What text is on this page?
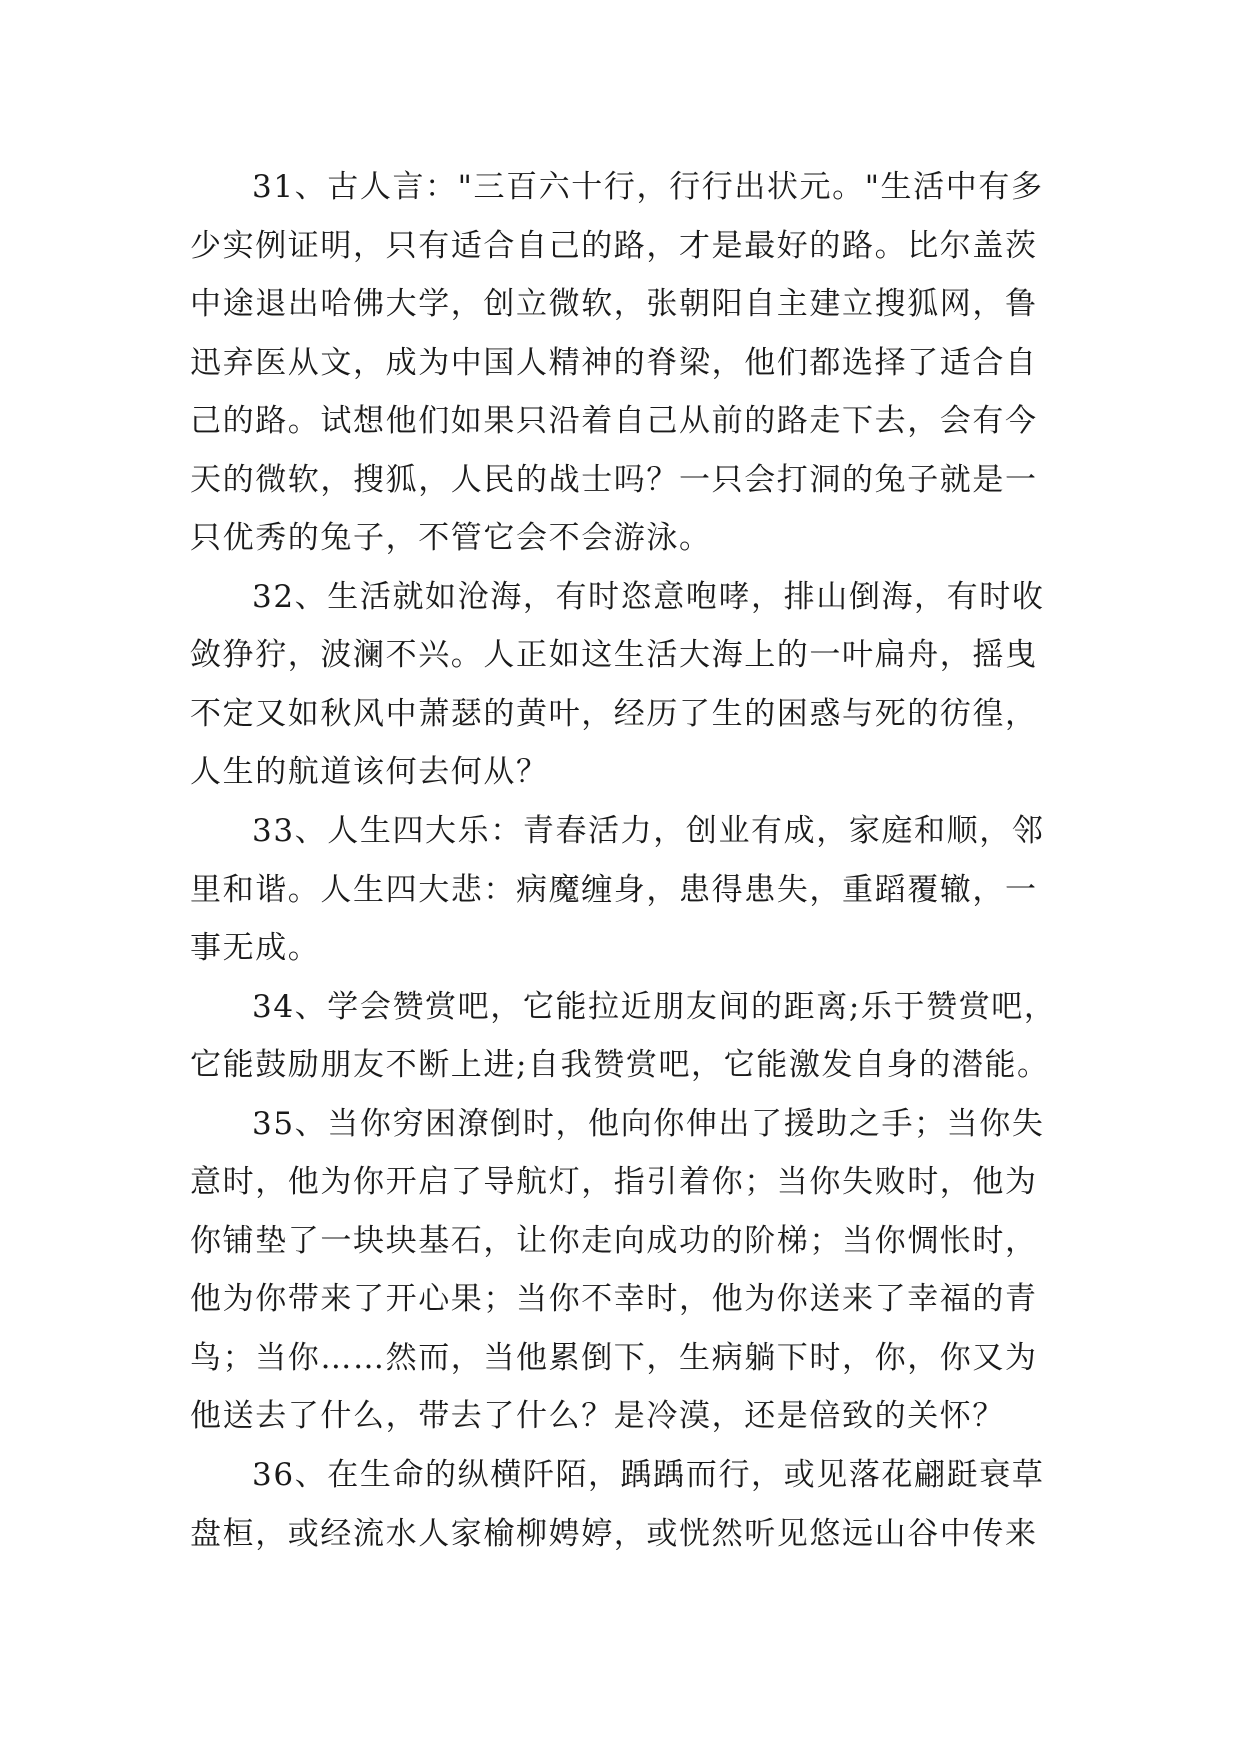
31、古人言："三百六十行，行行出状元。"生活中有多
少实例证明，只有适合自己的路，才是最好的路。比尔盖茨
中途退出哈佛大学，创立微软，张朝阳自主建立搜狐网，鲁
迅弃医从文，成为中国人精神的脊梁，他们都选择了适合自
己的路。试想他们如果只沿着自己从前的路走下去，会有今
天的微软，搜狐，人民的战士吗？一只会打洞的兔子就是一
只优秀的兔子，不管它会不会游泳。
32、生活就如沧海，有时恣意咆哮，排山倒海，有时收
敛狰狞，波澜不兴。人正如这生活大海上的一叶扁舟，摇曳
不定又如秋风中萧瑟的黄叶，经历了生的困惑与死的彷徨，
人生的航道该何去何从？
33、人生四大乐：青春活力，创业有成，家庭和顺，邻
里和谐。人生四大悲：病魔缠身，患得患失，重蹈覆辙，一
事无成。
34、学会赞赏吧，它能拉近朋友间的距离;乐于赞赏吧，
它能鼓励朋友不断上进;自我赞赏吧，它能激发自身的潜能。
35、当你穷困潦倒时，他向你伸出了援助之手；当你失
意时，他为你开启了导航灯，指引着你；当你失败时，他为
你铺垫了一块块基石，让你走向成功的阶梯；当你惆怅时，
他为你带来了开心果；当你不幸时，他为你送来了幸福的青
鸟；当你……然而，当他累倒下，生病躺下时，你，你又为
他送去了什么，带去了什么？是冷漠，还是倍致的关怀？
36、在生命的纵横阡陌，踽踽而行，或见落花翩跹衰草
盘桓，或经流水人家榆柳娉婷，或恍然听见悠远山谷中传来
